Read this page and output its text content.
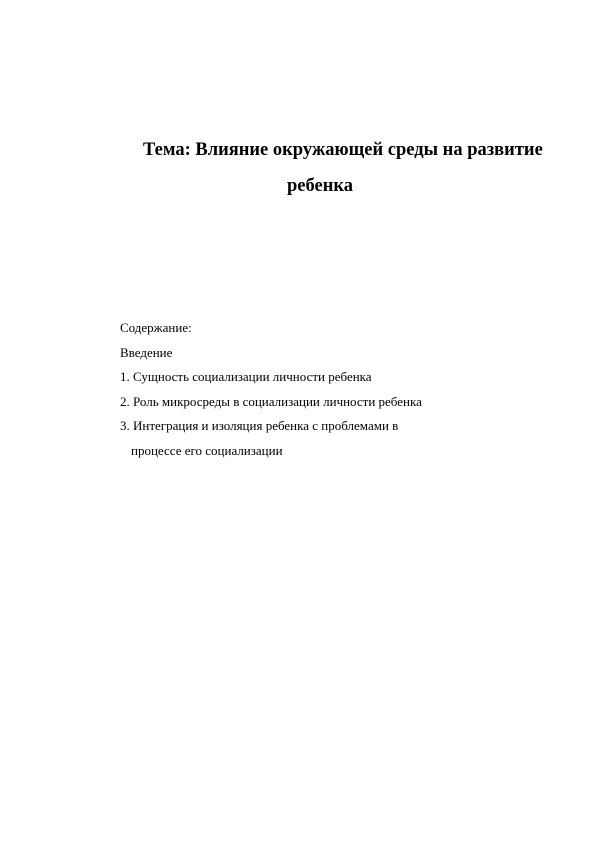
Тема: Влияние окружающей среды на развитие
ребенка
Содержание:
Введение
1. Сущность социализации личности ребенка
2. Роль микросреды в социализации личности ребенка
3. Интеграция и изоляция ребенка с проблемами в
процессе его социализации
